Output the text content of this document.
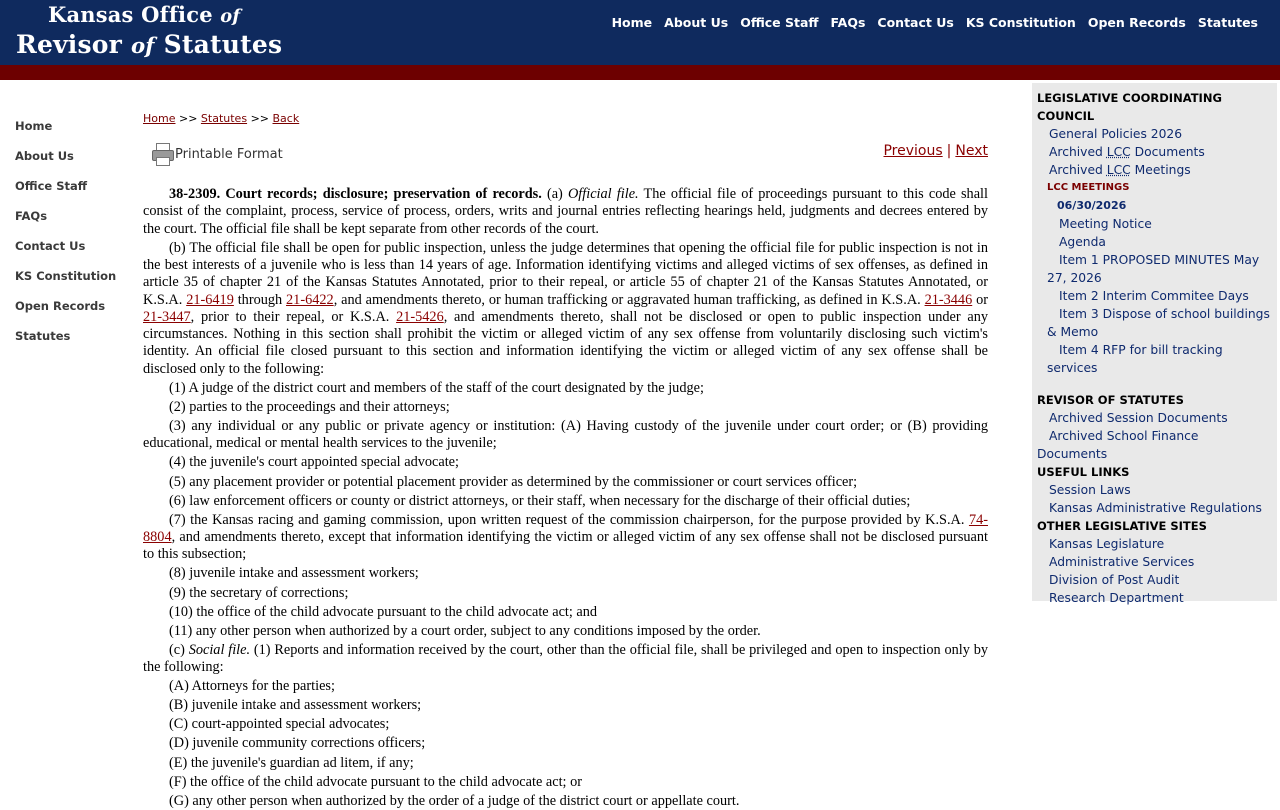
Kansas Office of
Revisor of Statutes
Home About Us Office Staff FAQs Contact Us KS Constitution Open Records Statutes
Home
About Us
Office Staff
FAQs
Contact Us
KS Constitution
Open Records
Statutes
Home >> Statutes >> Back
Printable Format	Previous | Next

38-2309. Court records; disclosure; preservation of records. (a) Official file. The official file of proceedings pursuant to this code shall consist of the complaint, process, service of process, orders, writs and journal entries reflecting hearings held, judgments and decrees entered by the court. The official file shall be kept separate from other records of the court.

(b) The official file shall be open for public inspection, unless the judge determines that opening the official file for public inspection is not in the best interests of a juvenile who is less than 14 years of age. Information identifying victims and alleged victims of sex offenses, as defined in article 35 of chapter 21 of the Kansas Statutes Annotated, prior to their repeal, or article 55 of chapter 21 of the Kansas Statutes Annotated, or K.S.A. 21-6419 through 21-6422, and amendments thereto, or human trafficking or aggravated human trafficking, as defined in K.S.A. 21-3446 or 21-3447, prior to their repeal, or K.S.A. 21-5426, and amendments thereto, shall not be disclosed or open to public inspection under any circumstances. Nothing in this section shall prohibit the victim or alleged victim of any sex offense from voluntarily disclosing such victim's identity. An official file closed pursuant to this section and information identifying the victim or alleged victim of any sex offense shall be disclosed only to the following:

(1) A judge of the district court and members of the staff of the court designated by the judge;

(2) parties to the proceedings and their attorneys;

(3) any individual or any public or private agency or institution: (A) Having custody of the juvenile under court order; or (B) providing educational, medical or mental health services to the juvenile;

(4) the juvenile's court appointed special advocate;

(5) any placement provider or potential placement provider as determined by the commissioner or court services officer;

(6) law enforcement officers or county or district attorneys, or their staff, when necessary for the discharge of their official duties;

(7) the Kansas racing and gaming commission, upon written request of the commission chairperson, for the purpose provided by K.S.A. 74-8804, and amendments thereto, except that information identifying the victim or alleged victim of any sex offense shall not be disclosed pursuant to this subsection;

(8) juvenile intake and assessment workers;

(9) the secretary of corrections;

(10) the office of the child advocate pursuant to the child advocate act; and

(11) any other person when authorized by a court order, subject to any conditions imposed by the order.

(c) Social file. (1) Reports and information received by the court, other than the official file, shall be privileged and open to inspection only by the following:

(A) Attorneys for the parties;

(B) juvenile intake and assessment workers;

(C) court-appointed special advocates;

(D) juvenile community corrections officers;

(E) the juvenile's guardian ad litem, if any;

(F) the office of the child advocate pursuant to the child advocate act; or

(G) any other person when authorized by the order of a judge of the district court or appellate court.

LEGISLATIVE COORDINATING
COUNCIL
General Policies 2026
Archived LCC Documents
Archived LCC Meetings
LCC MEETINGS
06/30/2026
Meeting Notice
Agenda
Item 1 PROPOSED MINUTES May 27, 2026
Item 2 Interim Commitee Days
Item 3 Dispose of school buildings & Memo
Item 4 RFP for bill tracking services
REVISOR OF STATUTES
Archived Session Documents
Archived School Finance Documents
USEFUL LINKS
Session Laws
Kansas Administrative Regulations
OTHER LEGISLATIVE SITES
Kansas Legislature
Administrative Services
Division of Post Audit
Research Department
